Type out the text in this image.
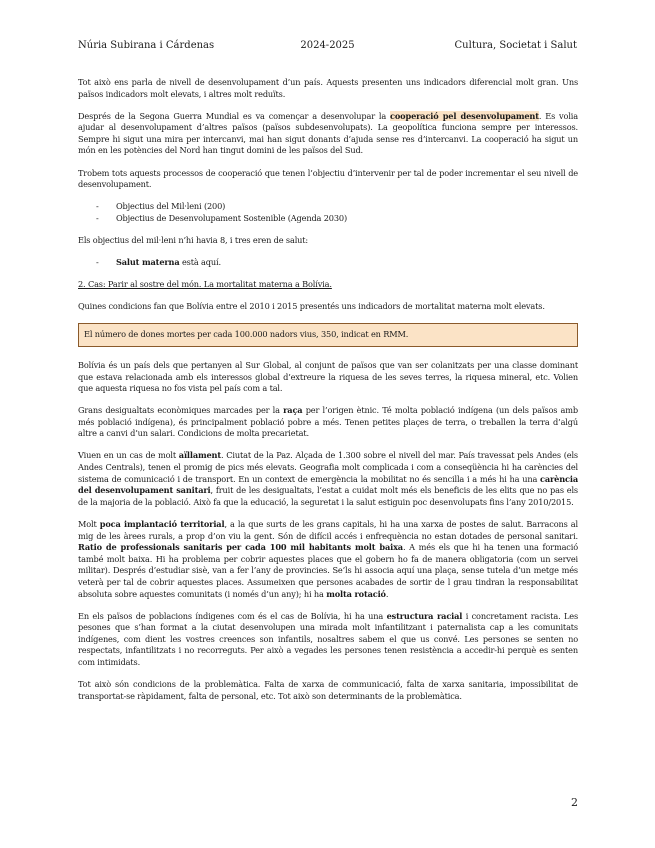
Núria Subirana i Cárdenas	2024-2025	Cultura, Societat i Salut

Tot això ens parla de nivell de desenvolupament d’un país. Aquests presenten uns indicadors diferencial molt gran. Uns països indicadors molt elevats, i altres molt reduïts.

Després de la Segona Guerra Mundial es va començar a desenvolupar la cooperació pel desenvolupament. Es volia ajudar al desenvolupament d’altres països (països subdesenvolupats). La geopolítica funciona sempre per interessos. Sempre hi sigut una mira per intercanvi, mai han sigut donants d’ajuda sense res d’intercanvi. La cooperació ha sigut un món en les potències del Nord han tingut domini de les països del Sud.

Trobem tots aquests processos de cooperació que tenen l’objectiu d’intervenir per tal de poder incrementar el seu nivell de desenvolupament.

- Objectius del Mil·leni (200)
- Objectius de Desenvolupament Sostenible (Agenda 2030)

Els objectius del mil·leni n’hi havia 8, i tres eren de salut:

- Salut materna està aquí.

2. Cas: Parir al sostre del món. La mortalitat materna a Bolívia.

Quines condicions fan que Bolívia entre el 2010 i 2015 presentés uns indicadors de mortalitat materna molt elevats.

El número de dones mortes per cada 100.000 nadors vius, 350, indicat en RMM.

Bolívia és un país dels que pertanyen al Sur Global, al conjunt de països que van ser colanitzats per una classe dominant que estava relacionada amb els interessos global d’extreure la riquesa de les seves terres, la riquesa mineral, etc. Volien que aquesta riquesa no fos vista pel país com a tal.

Grans desigualtats econòmiques marcades per la raça per l’origen ètnic. Té molta població indígena (un dels països amb més població indígena), és principalment població pobre a més. Tenen petites plaçes de terra, o treballen la terra d’algú altre a canvi d’un salari. Condicions de molta precarietat.

Viuen en un cas de molt aïllament. Ciutat de la Paz. Alçada de 1.300 sobre el nivell del mar. País travessat pels Andes (els Andes Centrals), tenen el promig de pics més elevats. Geografia molt complicada i com a conseqüència hi ha carències del sistema de comunicació i de transport. En un context de emergència la mobilitat no és sencilla i a més hi ha una carència del desenvolupament sanitari, fruit de les desigualtats, l’estat a cuidat molt més els beneficis de les elits que no pas els de la majoria de la població. Això fa que la educació, la seguretat i la salut estiguin poc desenvolupats fins l’any 2010/2015.

Molt poca implantació territorial, a la que surts de les grans capitals, hi ha una xarxa de postes de salut. Barracons al mig de les àrees rurals, a prop d’on viu la gent. Són de difícil accés i enfrequència no estan dotades de personal sanitari. Ratio de professionals sanitaris per cada 100 mil habitants molt baixa. A més els que hi ha tenen una formació també molt baixa. Hi ha problema per cobrir aquestes places que el gobern ho fa de manera obligatoria (com un servei militar). Després d’estudiar sisè, van a fer l’any de provincies. Se’ls hi associa aquí una plaça, sense tutela d’un metge més veterà per tal de cobrir aquestes places. Assumeixen que persones acabades de sortir de l grau tindran la responsabilitat absoluta sobre aquestes comunitats (i només d’un any); hi ha molta rotació.

En els països de poblacions índigenes com és el cas de Bolívia, hi ha una estructura racial i concretament racista. Les pesones que s’han format a la ciutat desenvolupen una mirada molt infantilitzant i paternalista cap a les comunitats indígenes, com dient les vostres creences son infantils, nosaltres sabem el que us convé. Les persones se senten no respectats, infantilitzats i no recorreguts. Per això a vegades les persones tenen resistència a accedir-hi perquè es senten com intimidats.

Tot això són condicions de la problemàtica. Falta de xarxa de communicació, falta de xarxa sanitaria, impossibilitat de transportat-se ràpidament, falta de personal, etc. Tot això son determinants de la problemàtica.

2
